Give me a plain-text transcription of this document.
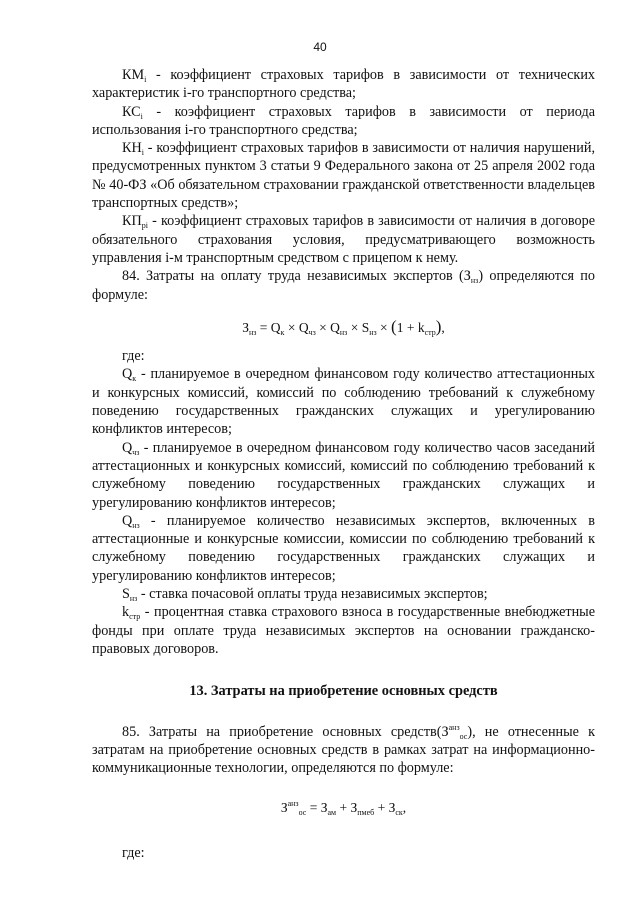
40

$КМ_i$ - коэффициент страховых тарифов в зависимости от технических характеристик i-го транспортного средства;

$КС_i$ - коэффициент страховых тарифов в зависимости от периода использования i-го транспортного средства;

$КН_i$ - коэффициент страховых тарифов в зависимости от наличия нарушений, предусмотренных пунктом 3 статьи 9 Федерального закона от 25 апреля 2002 года № 40-ФЗ «Об обязательном страховании гражданской ответственности владельцев транспортных средств»;

$КП_{рi}$ - коэффициент страховых тарифов в зависимости от наличия в договоре обязательного страхования условия, предусматривающего возможность управления i-м транспортным средством с прицепом к нему.

84. Затраты на оплату труда независимых экспертов $(З_{нз})$ определяются по формуле:

$З_{нз} = Q_к \times Q_{чз} \times Q_{нз} \times S_{нз} \times (1 + k_{стр})$,

где:

$Q_к$ - планируемое в очередном финансовом году количество аттестационных и конкурсных комиссий, комиссий по соблюдению требований к служебному поведению государственных гражданских служащих и урегулированию конфликтов интересов;

$Q_{чз}$ - планируемое в очередном финансовом году количество часов заседаний аттестационных и конкурсных комиссий, комиссий по соблюдению требований к служебному поведению государственных гражданских служащих и урегулированию конфликтов интересов;

$Q_{нз}$ - планируемое количество независимых экспертов, включенных в аттестационные и конкурсные комиссии, комиссии по соблюдению требований к служебному поведению государственных гражданских служащих и урегулированию конфликтов интересов;

$S_{нз}$ - ставка почасовой оплаты труда независимых экспертов;

$k_{стр}$ - процентная ставка страхового взноса в государственные внебюджетные фонды при оплате труда независимых экспертов на основании гражданско-правовых договоров.

13. Затраты на приобретение основных средств

85. Затраты на приобретение основных $средств(З^{анз}_{ос})$, не отнесенные к затратам на приобретение основных средств в рамках затрат на информационно-коммуникационные технологии, определяются по формуле:

$З^{анз}_{ос} = З_{ам} + З_{пмеб} + З_{ск}$,

где:
